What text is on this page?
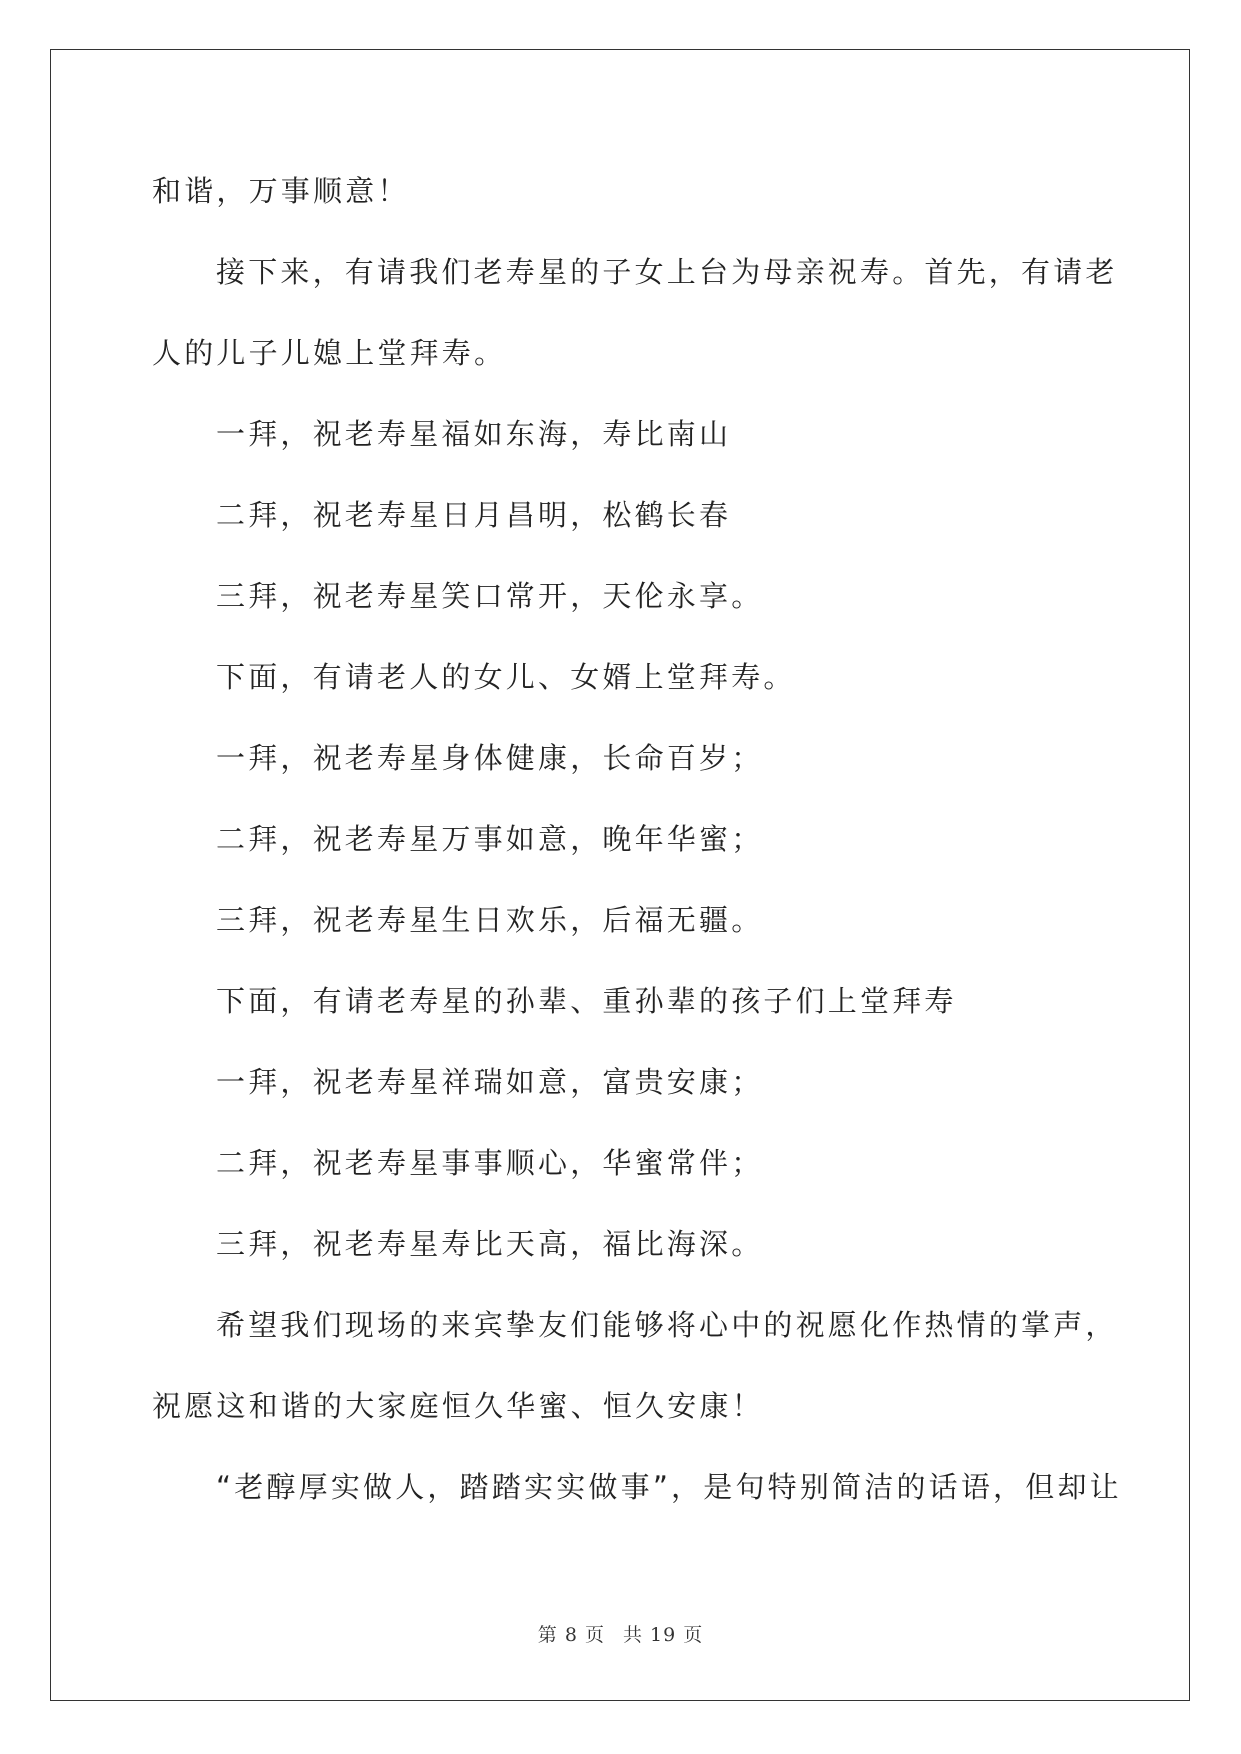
和谐，万事顺意！
接下来，有请我们老寿星的子女上台为母亲祝寿。首先，有请老
人的儿子儿媳上堂拜寿。
一拜，祝老寿星福如东海，寿比南山
二拜，祝老寿星日月昌明，松鹤长春
三拜，祝老寿星笑口常开，天伦永享。
下面，有请老人的女儿、女婿上堂拜寿。
一拜，祝老寿星身体健康，长命百岁；
二拜，祝老寿星万事如意，晚年华蜜；
三拜，祝老寿星生日欢乐，后福无疆。
下面，有请老寿星的孙辈、重孙辈的孩子们上堂拜寿
一拜，祝老寿星祥瑞如意，富贵安康；
二拜，祝老寿星事事顺心，华蜜常伴；
三拜，祝老寿星寿比天高，福比海深。
希望我们现场的来宾挚友们能够将心中的祝愿化作热情的掌声，
祝愿这和谐的大家庭恒久华蜜、恒久安康！
“老醇厚实做人，踏踏实实做事”，是句特别简洁的话语，但却让
第 8 页 共 19 页
